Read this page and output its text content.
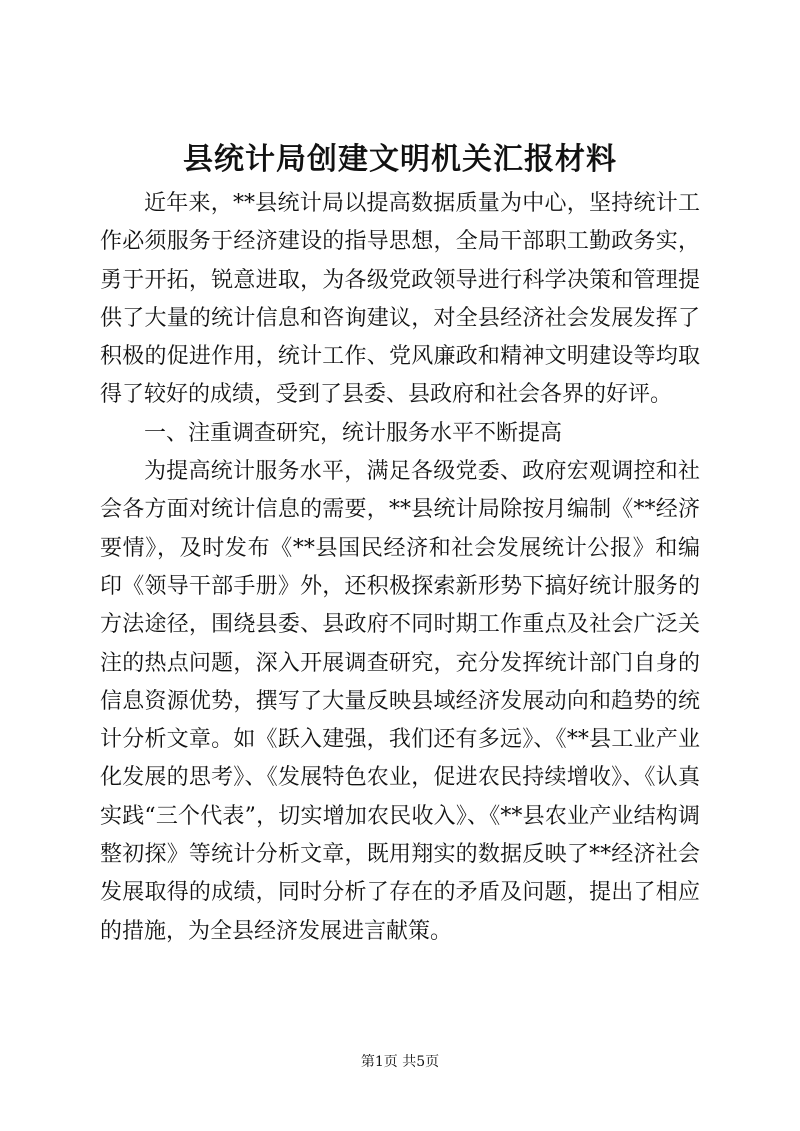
县统计局创建文明机关汇报材料

近年来，**县统计局以提高数据质量为中心，坚持统计工作必须服务于经济建设的指导思想，全局干部职工勤政务实，勇于开拓，锐意进取，为各级党政领导进行科学决策和管理提供了大量的统计信息和咨询建议，对全县经济社会发展发挥了积极的促进作用，统计工作、党风廉政和精神文明建设等均取得了较好的成绩，受到了县委、县政府和社会各界的好评。

一、注重调查研究，统计服务水平不断提高

为提高统计服务水平，满足各级党委、政府宏观调控和社会各方面对统计信息的需要，**县统计局除按月编制《**经济要情》，及时发布《**县国民经济和社会发展统计公报》和编印《领导干部手册》外，还积极探索新形势下搞好统计服务的方法途径，围绕县委、县政府不同时期工作重点及社会广泛关注的热点问题，深入开展调查研究，充分发挥统计部门自身的信息资源优势，撰写了大量反映县域经济发展动向和趋势的统计分析文章。如《跃入建强，我们还有多远》、《**县工业产业化发展的思考》、《发展特色农业，促进农民持续增收》、《认真实践“三个代表”，切实增加农民收入》、《**县农业产业结构调整初探》等统计分析文章，既用翔实的数据反映了**经济社会发展取得的成绩，同时分析了存在的矛盾及问题，提出了相应的措施，为全县经济发展进言献策。

第1页 共5页
